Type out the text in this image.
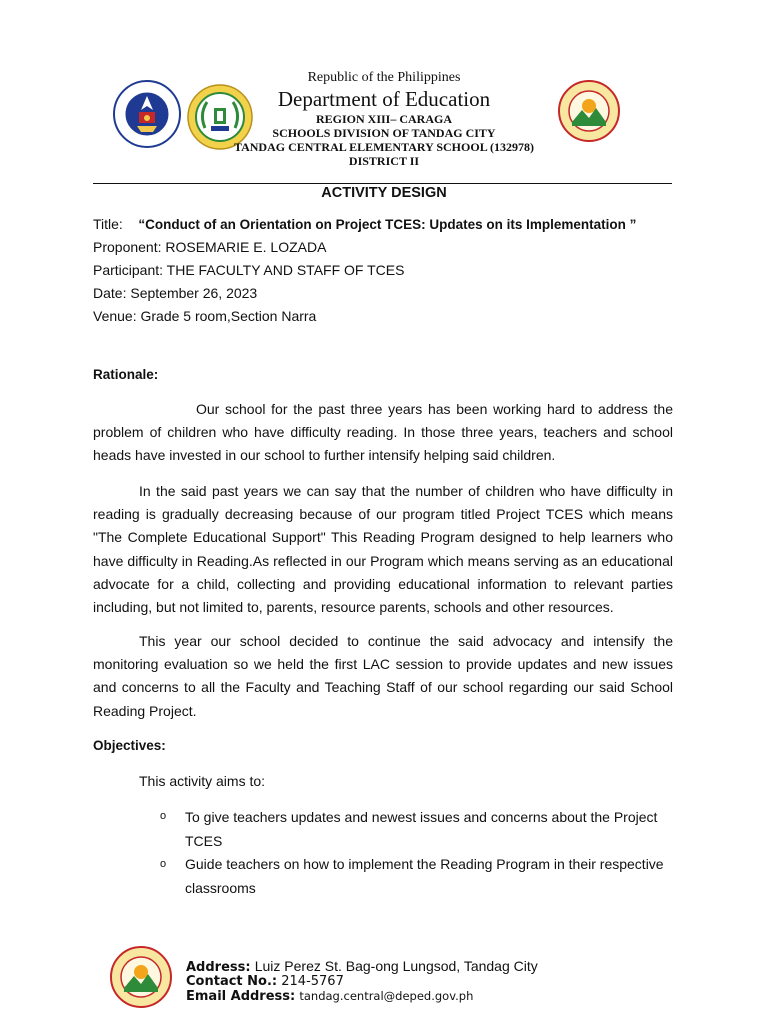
Republic of the Philippines
Department of Education
REGION XIII– CARAGA
SCHOOLS DIVISION OF TANDAG CITY
TANDAG CENTRAL ELEMENTARY SCHOOL (132978)
DISTRICT II
ACTIVITY DESIGN
Title: “Conduct of an Orientation on Project TCES: Updates on its Implementation ”
Proponent: ROSEMARIE E. LOZADA
Participant: THE FACULTY AND STAFF OF TCES
Date: September 26, 2023
Venue: Grade 5 room,Section Narra
Rationale:
Our school for the past three years has been working hard to address the problem of children who have difficulty reading. In those three years, teachers and school heads have invested in our school to further intensify helping said children.
In the said past years we can say that the number of children who have difficulty in reading is gradually decreasing because of our program titled Project TCES which means "The Complete Educational Support" This Reading Program designed to help learners who have difficulty in Reading.As reflected in our Program which means serving as an educational advocate for a child, collecting and providing educational information to relevant parties including, but not limited to, parents, resource parents, schools and other resources.
This year our school decided to continue the said advocacy and intensify the monitoring evaluation so we held the first LAC session to provide updates and new issues and concerns to all the Faculty and Teaching Staff of our school regarding our said School Reading Project.
Objectives:
This activity aims to:
o To give teachers updates and newest issues and concerns about the Project TCES
o Guide teachers on how to implement the Reading Program in their respective classrooms
Address: Luiz Perez St. Bag-ong Lungsod, Tandag City
Contact No.: 214-5767
Email Address: tandag.central@deped.gov.ph
